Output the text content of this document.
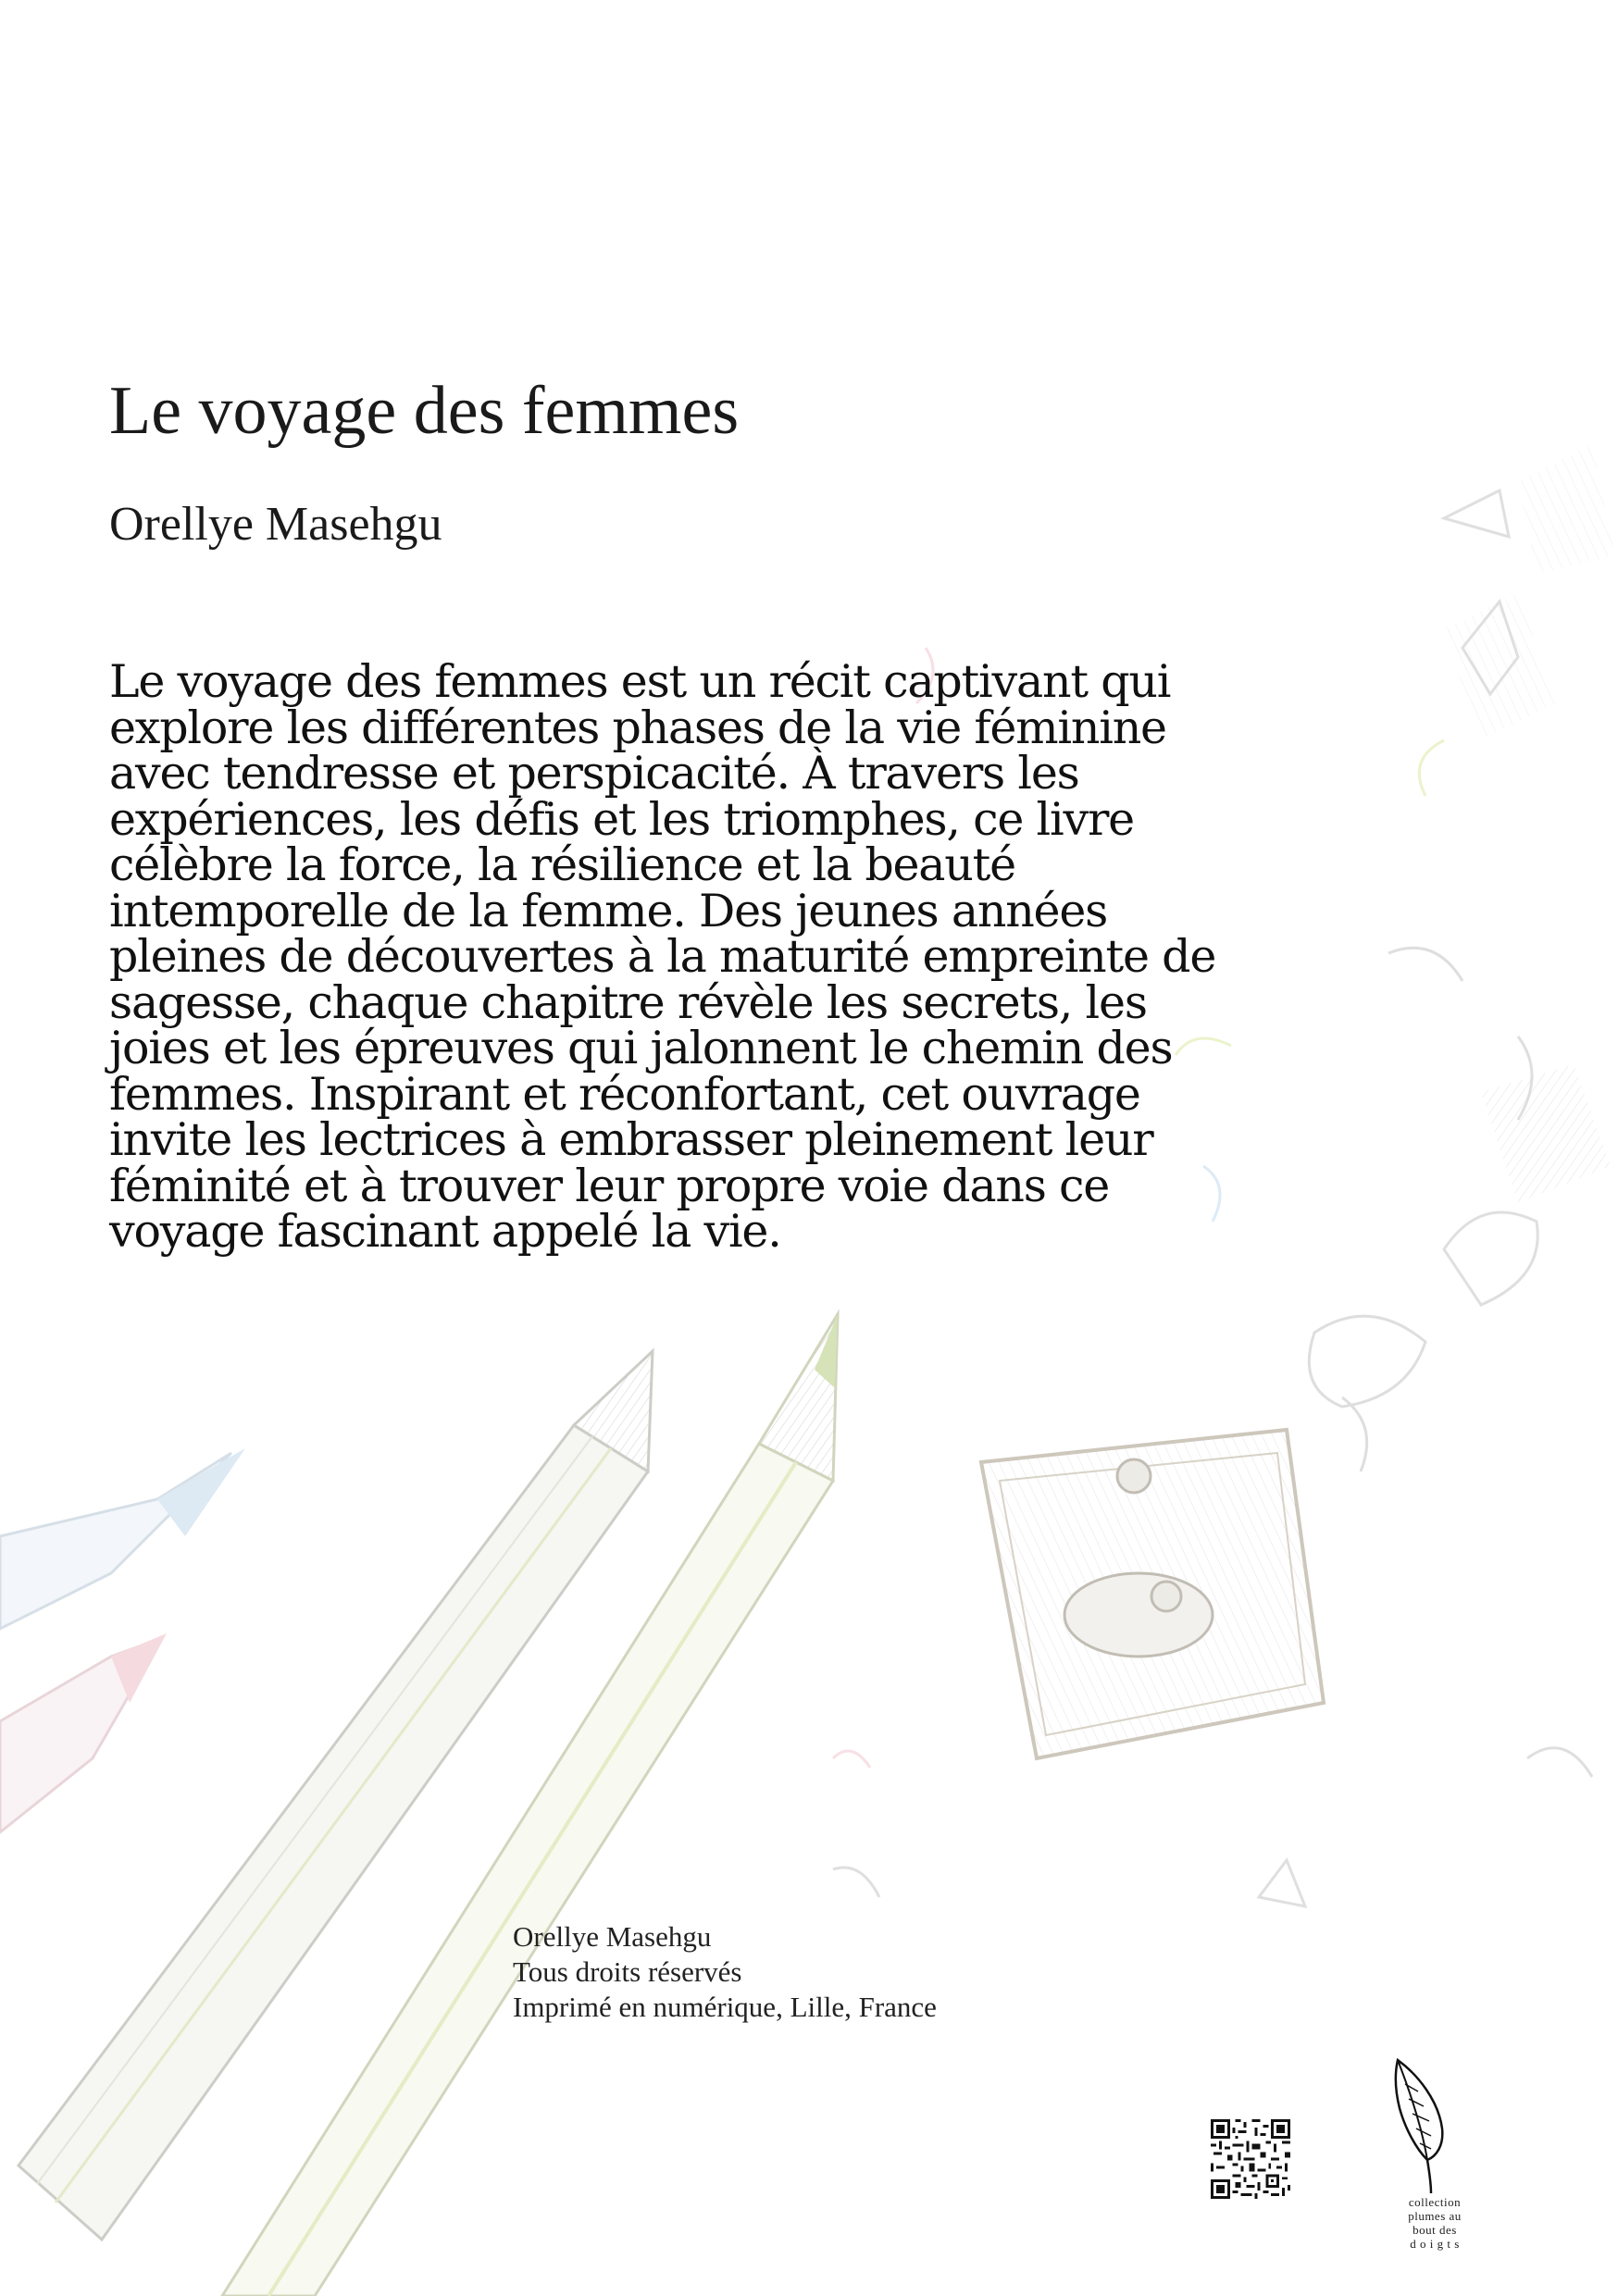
Le voyage des femmes
Orellye Masehgu

Le voyage des femmes est un récit captivant qui explore les différentes phases de la vie féminine avec tendresse et perspicacité. À travers les expériences, les défis et les triomphes, ce livre célèbre la force, la résilience et la beauté intemporelle de la femme. Des jeunes années pleines de découvertes à la maturité empreinte de sagesse, chaque chapitre révèle les secrets, les joies et les épreuves qui jalonnent le chemin des femmes. Inspirant et réconfortant, cet ouvrage invite les lectrices à embrasser pleinement leur féminité et à trouver leur propre voie dans ce voyage fascinant appelé la vie.

Orellye Masehgu
Tous droits réservés
Imprimé en numérique, Lille, France
collection
plumes au
bout des
d o i g t s
